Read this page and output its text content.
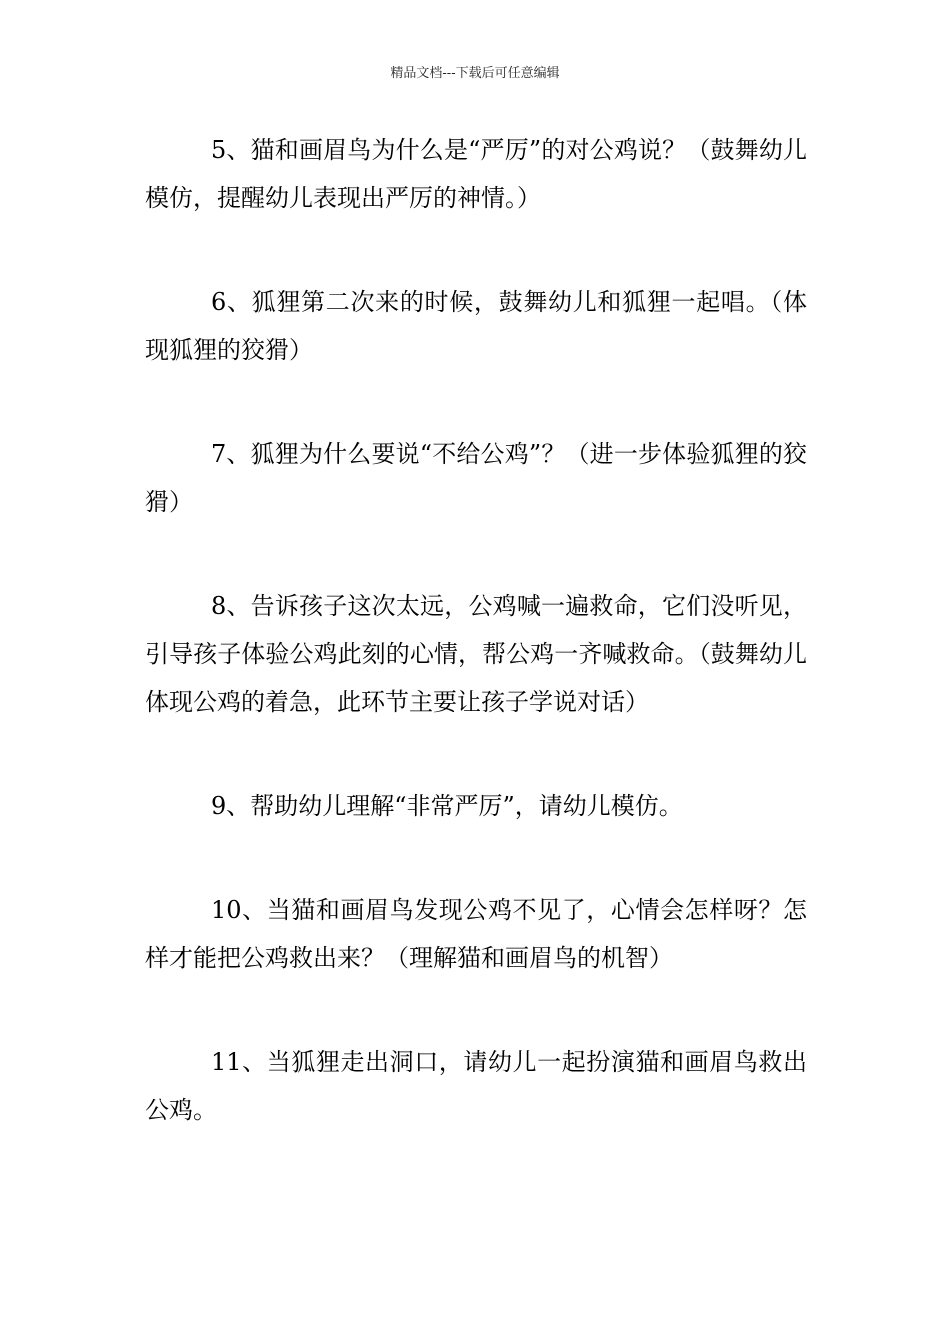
精品文档---下载后可任意编辑

5、猫和画眉鸟为什么是“严厉”的对公鸡说？（鼓舞幼儿模仿，提醒幼儿表现出严厉的神情。）

6、狐狸第二次来的时候，鼓舞幼儿和狐狸一起唱。（体现狐狸的狡猾）

7、狐狸为什么要说“不给公鸡”？（进一步体验狐狸的狡猾）

8、告诉孩子这次太远，公鸡喊一遍救命，它们没听见，引导孩子体验公鸡此刻的心情，帮公鸡一齐喊救命。（鼓舞幼儿体现公鸡的着急，此环节主要让孩子学说对话）

9、帮助幼儿理解“非常严厉”，请幼儿模仿。

10、当猫和画眉鸟发现公鸡不见了，心情会怎样呀？怎样才能把公鸡救出来？（理解猫和画眉鸟的机智）

11、当狐狸走出洞口，请幼儿一起扮演猫和画眉鸟救出公鸡。
